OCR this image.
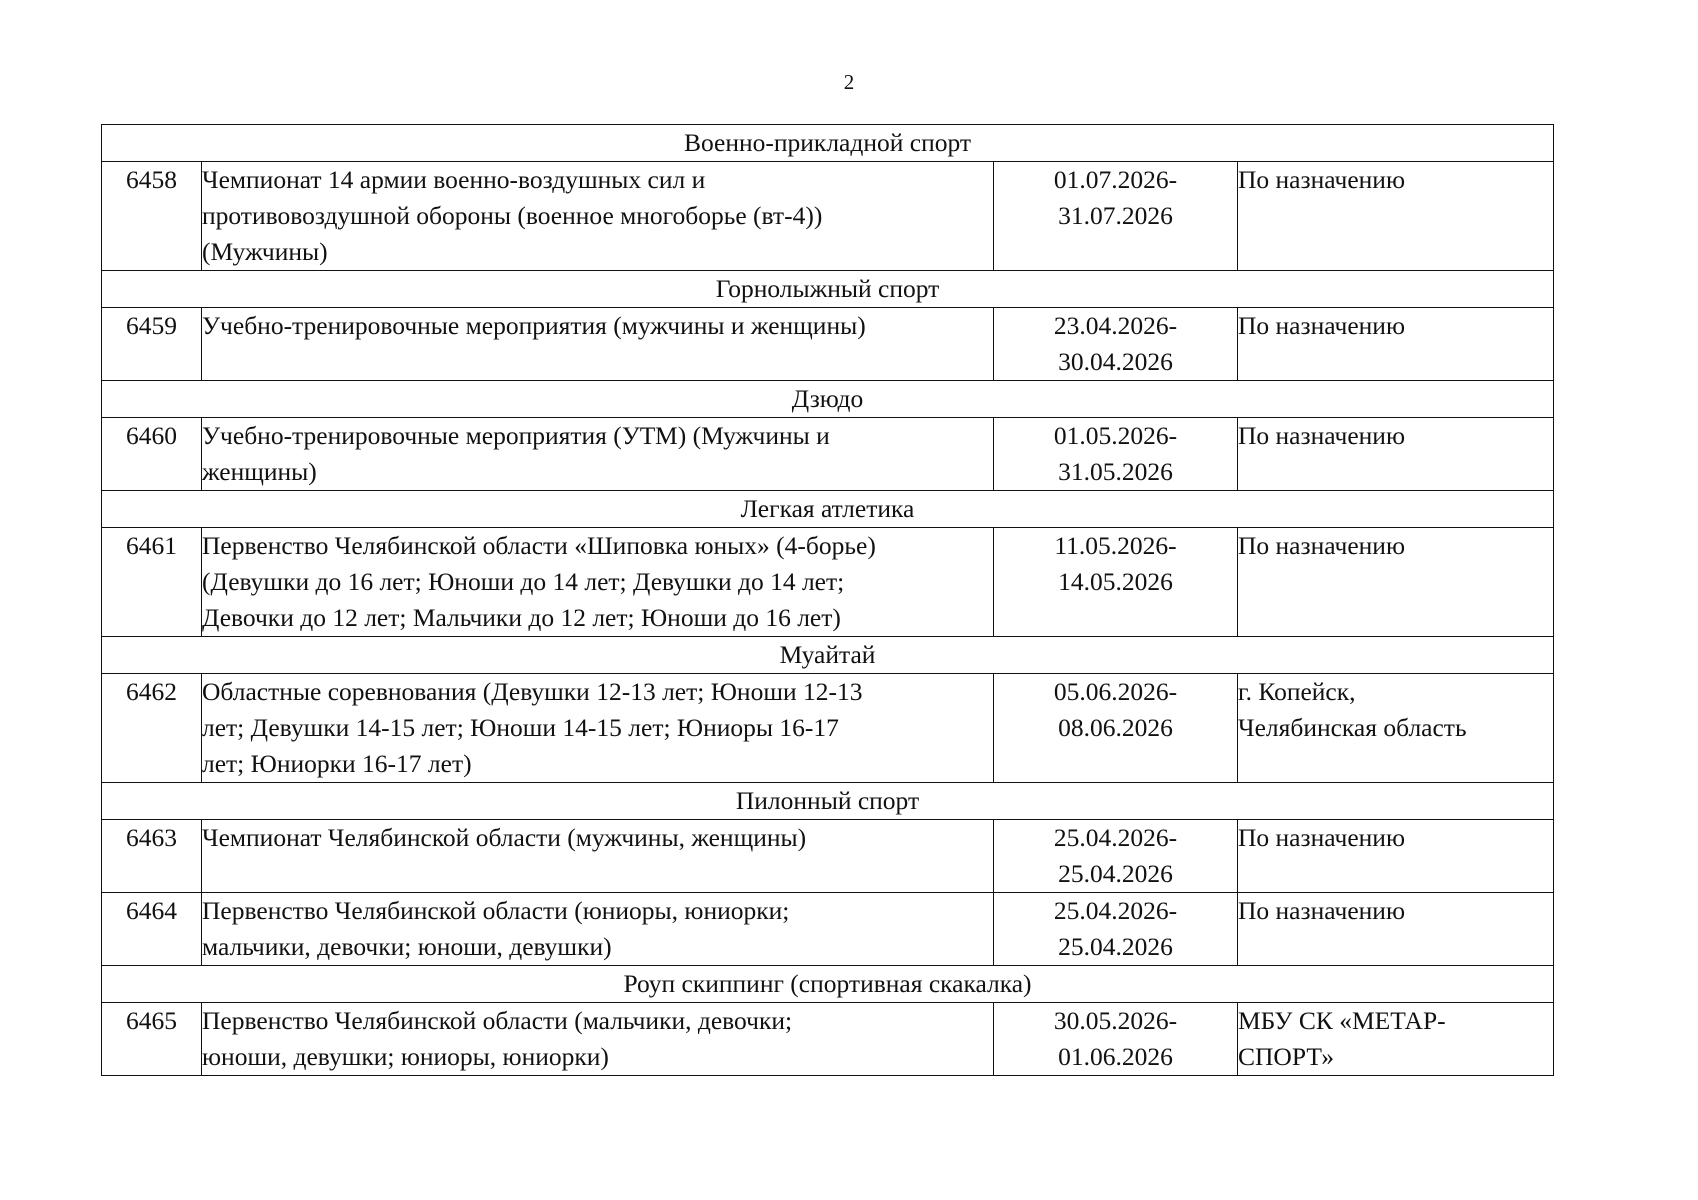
2
Военно-прикладной спорт			
6458	Чемпионат 14 армии военно-воздушных сил и
противовоздушной обороны (военное многоборье (вт-4))
(Мужчины)	01.07.2026-
31.07.2026	По назначению

Горнолыжный спорт			
6459	Учебно-тренировочные мероприятия (мужчины и женщины)	23.04.2026-
30.04.2026	По назначению

Дзюдо			
6460	Учебно-тренировочные мероприятия (УТМ) (Мужчины и
женщины)	01.05.2026-
31.05.2026	По назначению

Легкая атлетика			
6461	Первенство Челябинской области «Шиповка юных» (4-борье)
(Девушки до 16 лет; Юноши до 14 лет; Девушки до 14 лет;
Девочки до 12 лет; Мальчики до 12 лет; Юноши до 16 лет)	11.05.2026-
14.05.2026	По назначению

Муайтай			
6462	Областные соревнования (Девушки 12-13 лет; Юноши 12-13
лет; Девушки 14-15 лет; Юноши 14-15 лет; Юниоры 16-17
лет; Юниорки 16-17 лет)	05.06.2026-
08.06.2026	г. Копейск,
Челябинская область

Пилонный спорт			
6463	Чемпионат Челябинской области (мужчины, женщины)	25.04.2026-
25.04.2026	По назначению

6464	Первенство Челябинской области (юниоры, юниорки;
мальчики, девочки; юноши, девушки)	25.04.2026-
25.04.2026	По назначению

Роуп скиппинг (спортивная скакалка)			
6465	Первенство Челябинской области (мальчики, девочки;
юноши, девушки; юниоры, юниорки)	30.05.2026-
01.06.2026	МБУ СК «МЕТАР-
СПОРТ»
